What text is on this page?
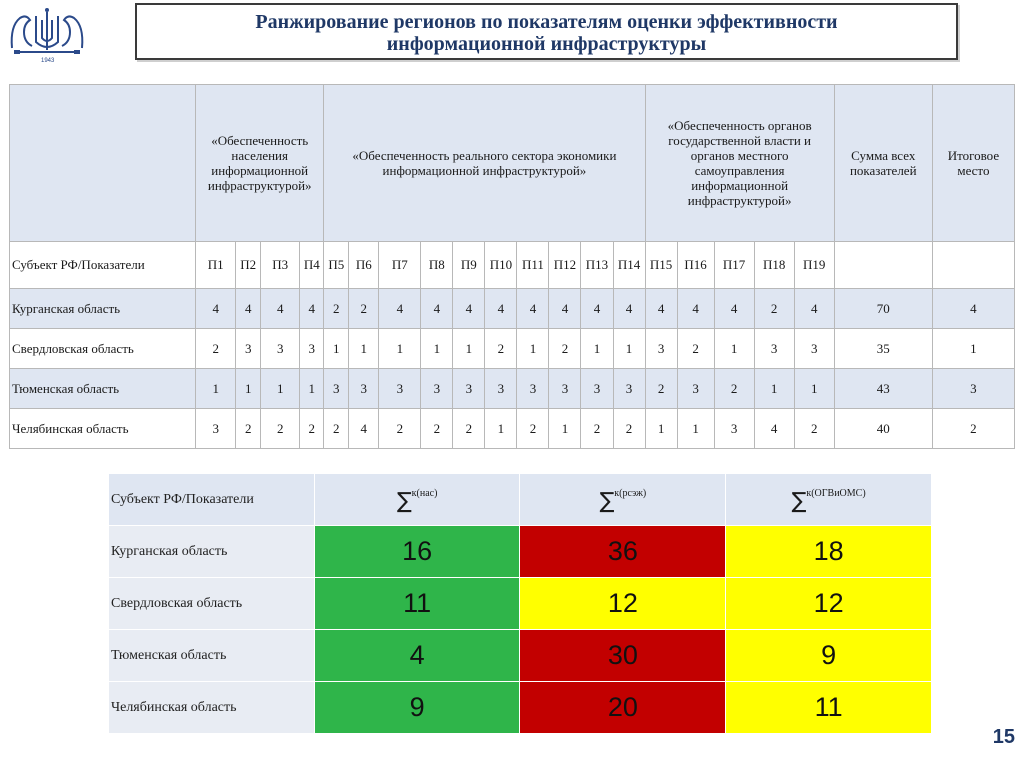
1943
Ранжирование регионов по показателям оценки эффективности
информационной инфраструктуры
	«Обеспеченность населения информационной инфраструктурой»				«Обеспеченность реального сектора экономики информационной инфраструктурой»										«Обеспеченность органов государственной власти и органов местного самоуправления информационной инфраструктурой»					Сумма всех показателей	Итоговое место
Субъект РФ/Показатели	П1	П2	П3	П4	П5	П6	П7	П8	П9	П10	П11	П12	П13	П14	П15	П16	П17	П18	П19		
Курганская область	4	4	4	4	2	2	4	4	4	4	4	4	4	4	4	4	4	2	4	70	4
Свердловская область	2	3	3	3	1	1	1	1	1	2	1	2	1	1	3	2	1	3	3	35	1
Тюменская область	1	1	1	1	3	3	3	3	3	3	3	3	3	3	2	3	2	1	1	43	3
Челябинская область	3	2	2	2	2	4	2	2	2	1	2	1	2	2	1	1	3	4	2	40	2
Субъект РФ/Показатели	∑$^{к(нас)}$	∑$^{к(рсэж)}$	∑$^{к(ОГВиОМС)}$
Курганская область	16	36	18
Свердловская область	11	12	12
Тюменская область	4	30	9
Челябинская область	9	20	11
15
